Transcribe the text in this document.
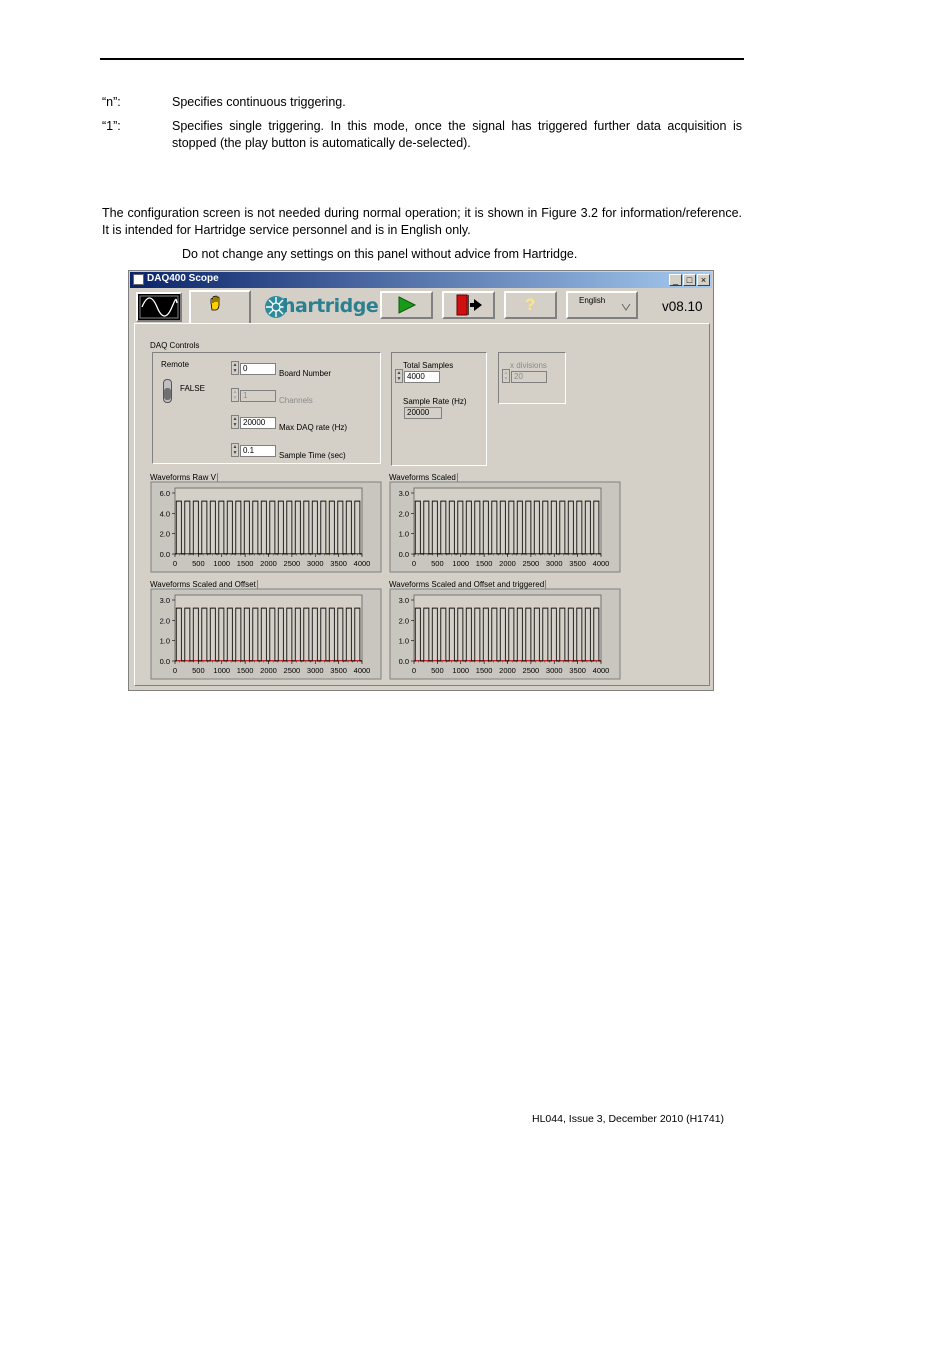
“n”:	Specifies continuous triggering.
“1”:	Specifies single triggering. In this mode, once the signal has triggered further data acquisition is stopped (the play button is automatically de-selected).
The configuration screen is not needed during normal operation; it is shown in Figure 3.2 for information/reference. It is intended for Hartridge service personnel and is in English only.
Do not change any settings on this panel without advice from Hartridge.
DAQ400 Scope	_ □ ×
hartridge	?	English	v08.10
DAQ Controls
Remote
FALSE
▲
▼ 0
Board Number
▲
▼ 1
Channels
▲
▼ 20000
Max DAQ rate (Hz)
▲
▼ 0.1
Sample Time (sec)
Total Samples
▲
▼ 4000
Sample Rate (Hz)
20000
x divisions
▲
▼ 20
Waveforms Raw V
6.0
4.0
2.0
0.0
0 500 1000 1500 2000 2500 3000 3500 4000
Waveforms Scaled
3.0
2.0
1.0
0.0
0 500 1000 1500 2000 2500 3000 3500 4000
Waveforms Scaled and Offset
3.0
2.0
1.0
0.0
0 500 1000 1500 2000 2500 3000 3500 4000
Waveforms Scaled and Offset and triggered
3.0
2.0
1.0
0.0
0 500 1000 1500 2000 2500 3000 3500 4000
HL044, Issue 3, December 2010 (H1741)
